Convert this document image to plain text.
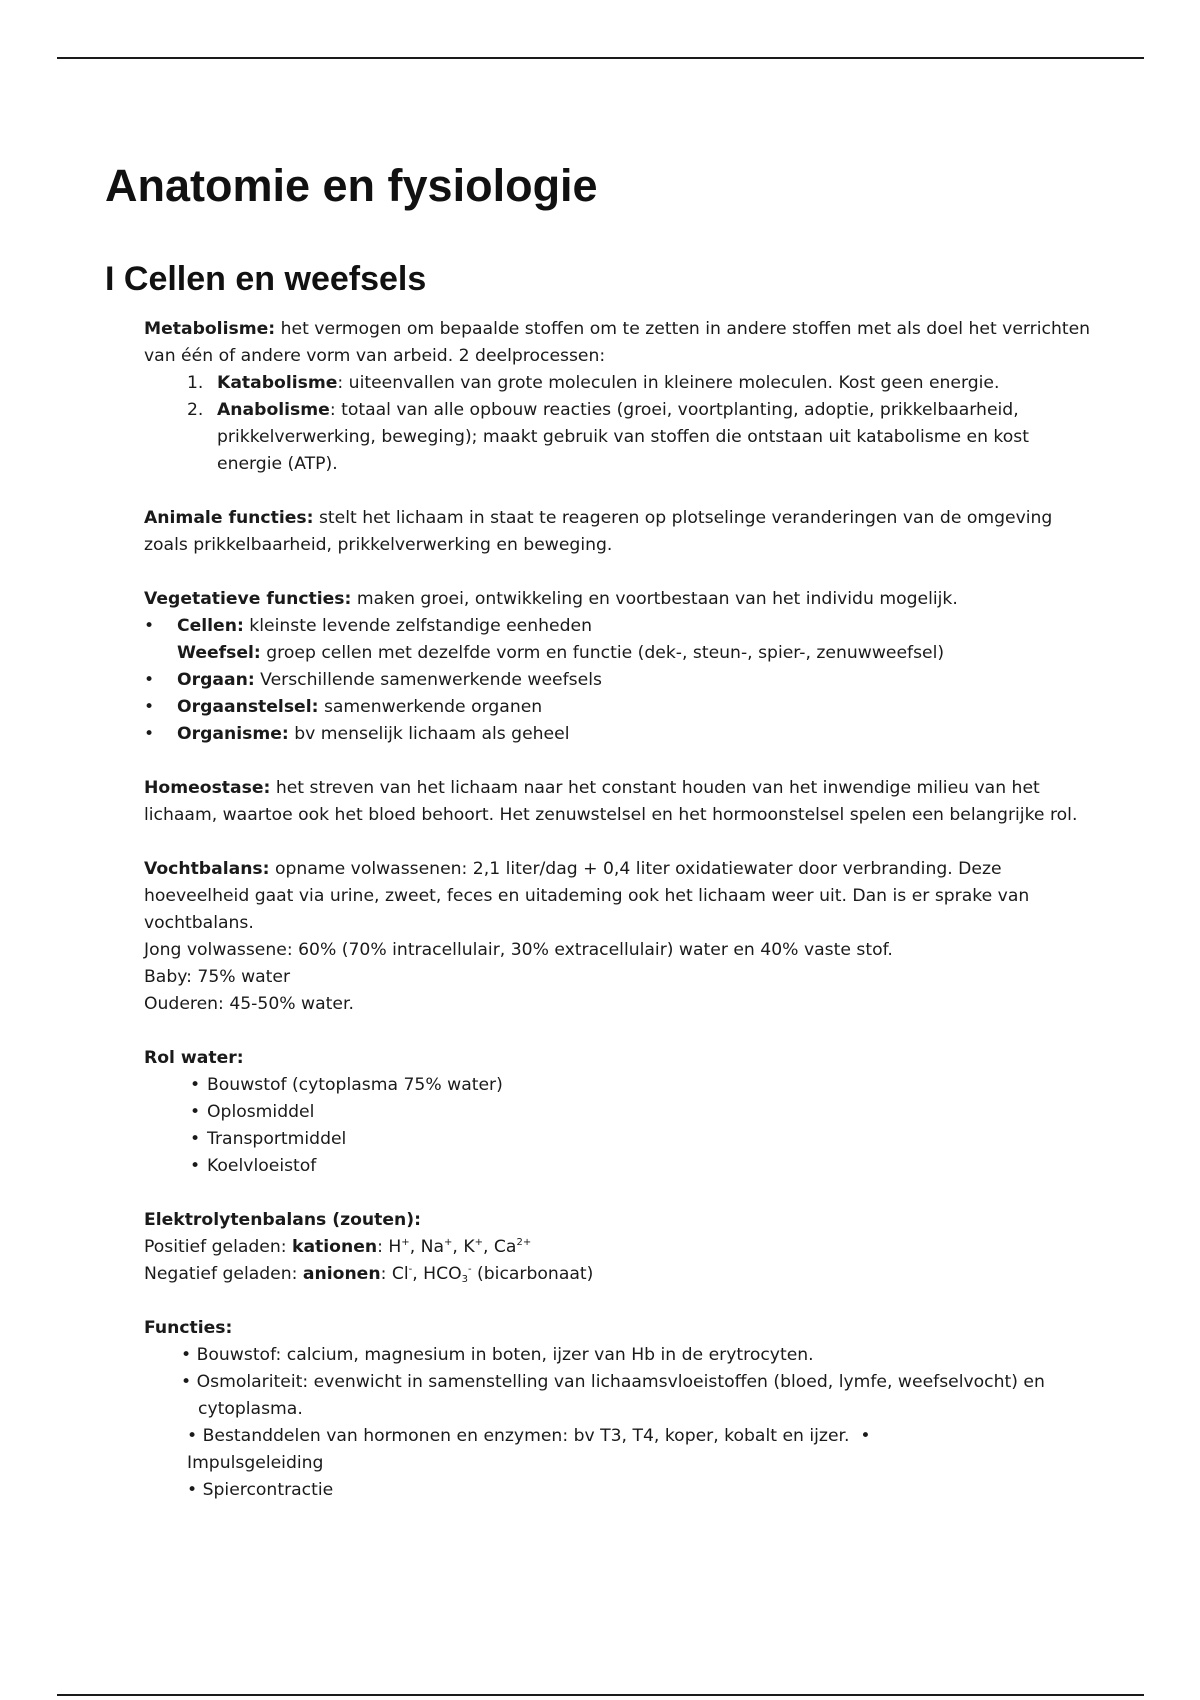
Anatomie en fysiologie
I Cellen en weefsels

Metabolisme: het vermogen om bepaalde stoffen om te zetten in andere stoffen met als doel het verrichten van één of andere vorm van arbeid. 2 deelprocessen:

1. Katabolisme: uiteenvallen van grote moleculen in kleinere moleculen. Kost geen energie.
2. Anabolisme: totaal van alle opbouw reacties (groei, voortplanting, adoptie, prikkelbaarheid, prikkelverwerking, beweging); maakt gebruik van stoffen die ontstaan uit katabolisme en kost energie (ATP).

Animale functies: stelt het lichaam in staat te reageren op plotselinge veranderingen van de omgeving zoals prikkelbaarheid, prikkelverwerking en beweging.

Vegetatieve functies: maken groei, ontwikkeling en voortbestaan van het individu mogelijk.

• Cellen: kleinste levende zelfstandige eenheden
Weefsel: groep cellen met dezelfde vorm en functie (dek-, steun-, spier-, zenuwweefsel)
• Orgaan: Verschillende samenwerkende weefsels
• Orgaanstelsel: samenwerkende organen
• Organisme: bv menselijk lichaam als geheel

Homeostase: het streven van het lichaam naar het constant houden van het inwendige milieu van het lichaam, waartoe ook het bloed behoort. Het zenuwstelsel en het hormoonstelsel spelen een belangrijke rol.

Vochtbalans: opname volwassenen: 2,1 liter/dag + 0,4 liter oxidatiewater door verbranding. Deze hoeveelheid gaat via urine, zweet, feces en uitademing ook het lichaam weer uit. Dan is er sprake van vochtbalans.

Jong volwassene: 60% (70% intracellulair, 30% extracellulair) water en 40% vaste stof.

Baby: 75% water

Ouderen: 45-50% water.

Rol water:

• Bouwstof (cytoplasma 75% water)
• Oplosmiddel
• Transportmiddel
• Koelvloeistof

Elektrolytenbalans (zouten):

Positief geladen: kationen: H+, Na+, K+, $Ca^{2+}$

Negatief geladen: anionen: Cl-, $HCO_3^-$ (bicarbonaat)

Functies:

• Bouwstof: calcium, magnesium in boten, ijzer van Hb in de erytrocyten.
• Osmolariteit: evenwicht in samenstelling van lichaamsvloeistoffen (bloed, lymfe, weefselvocht) en cytoplasma.
• Bestanddelen van hormonen en enzymen: bv T3, T4, koper, kobalt en ijzer. •
Impulsgeleiding
• Spiercontractie
